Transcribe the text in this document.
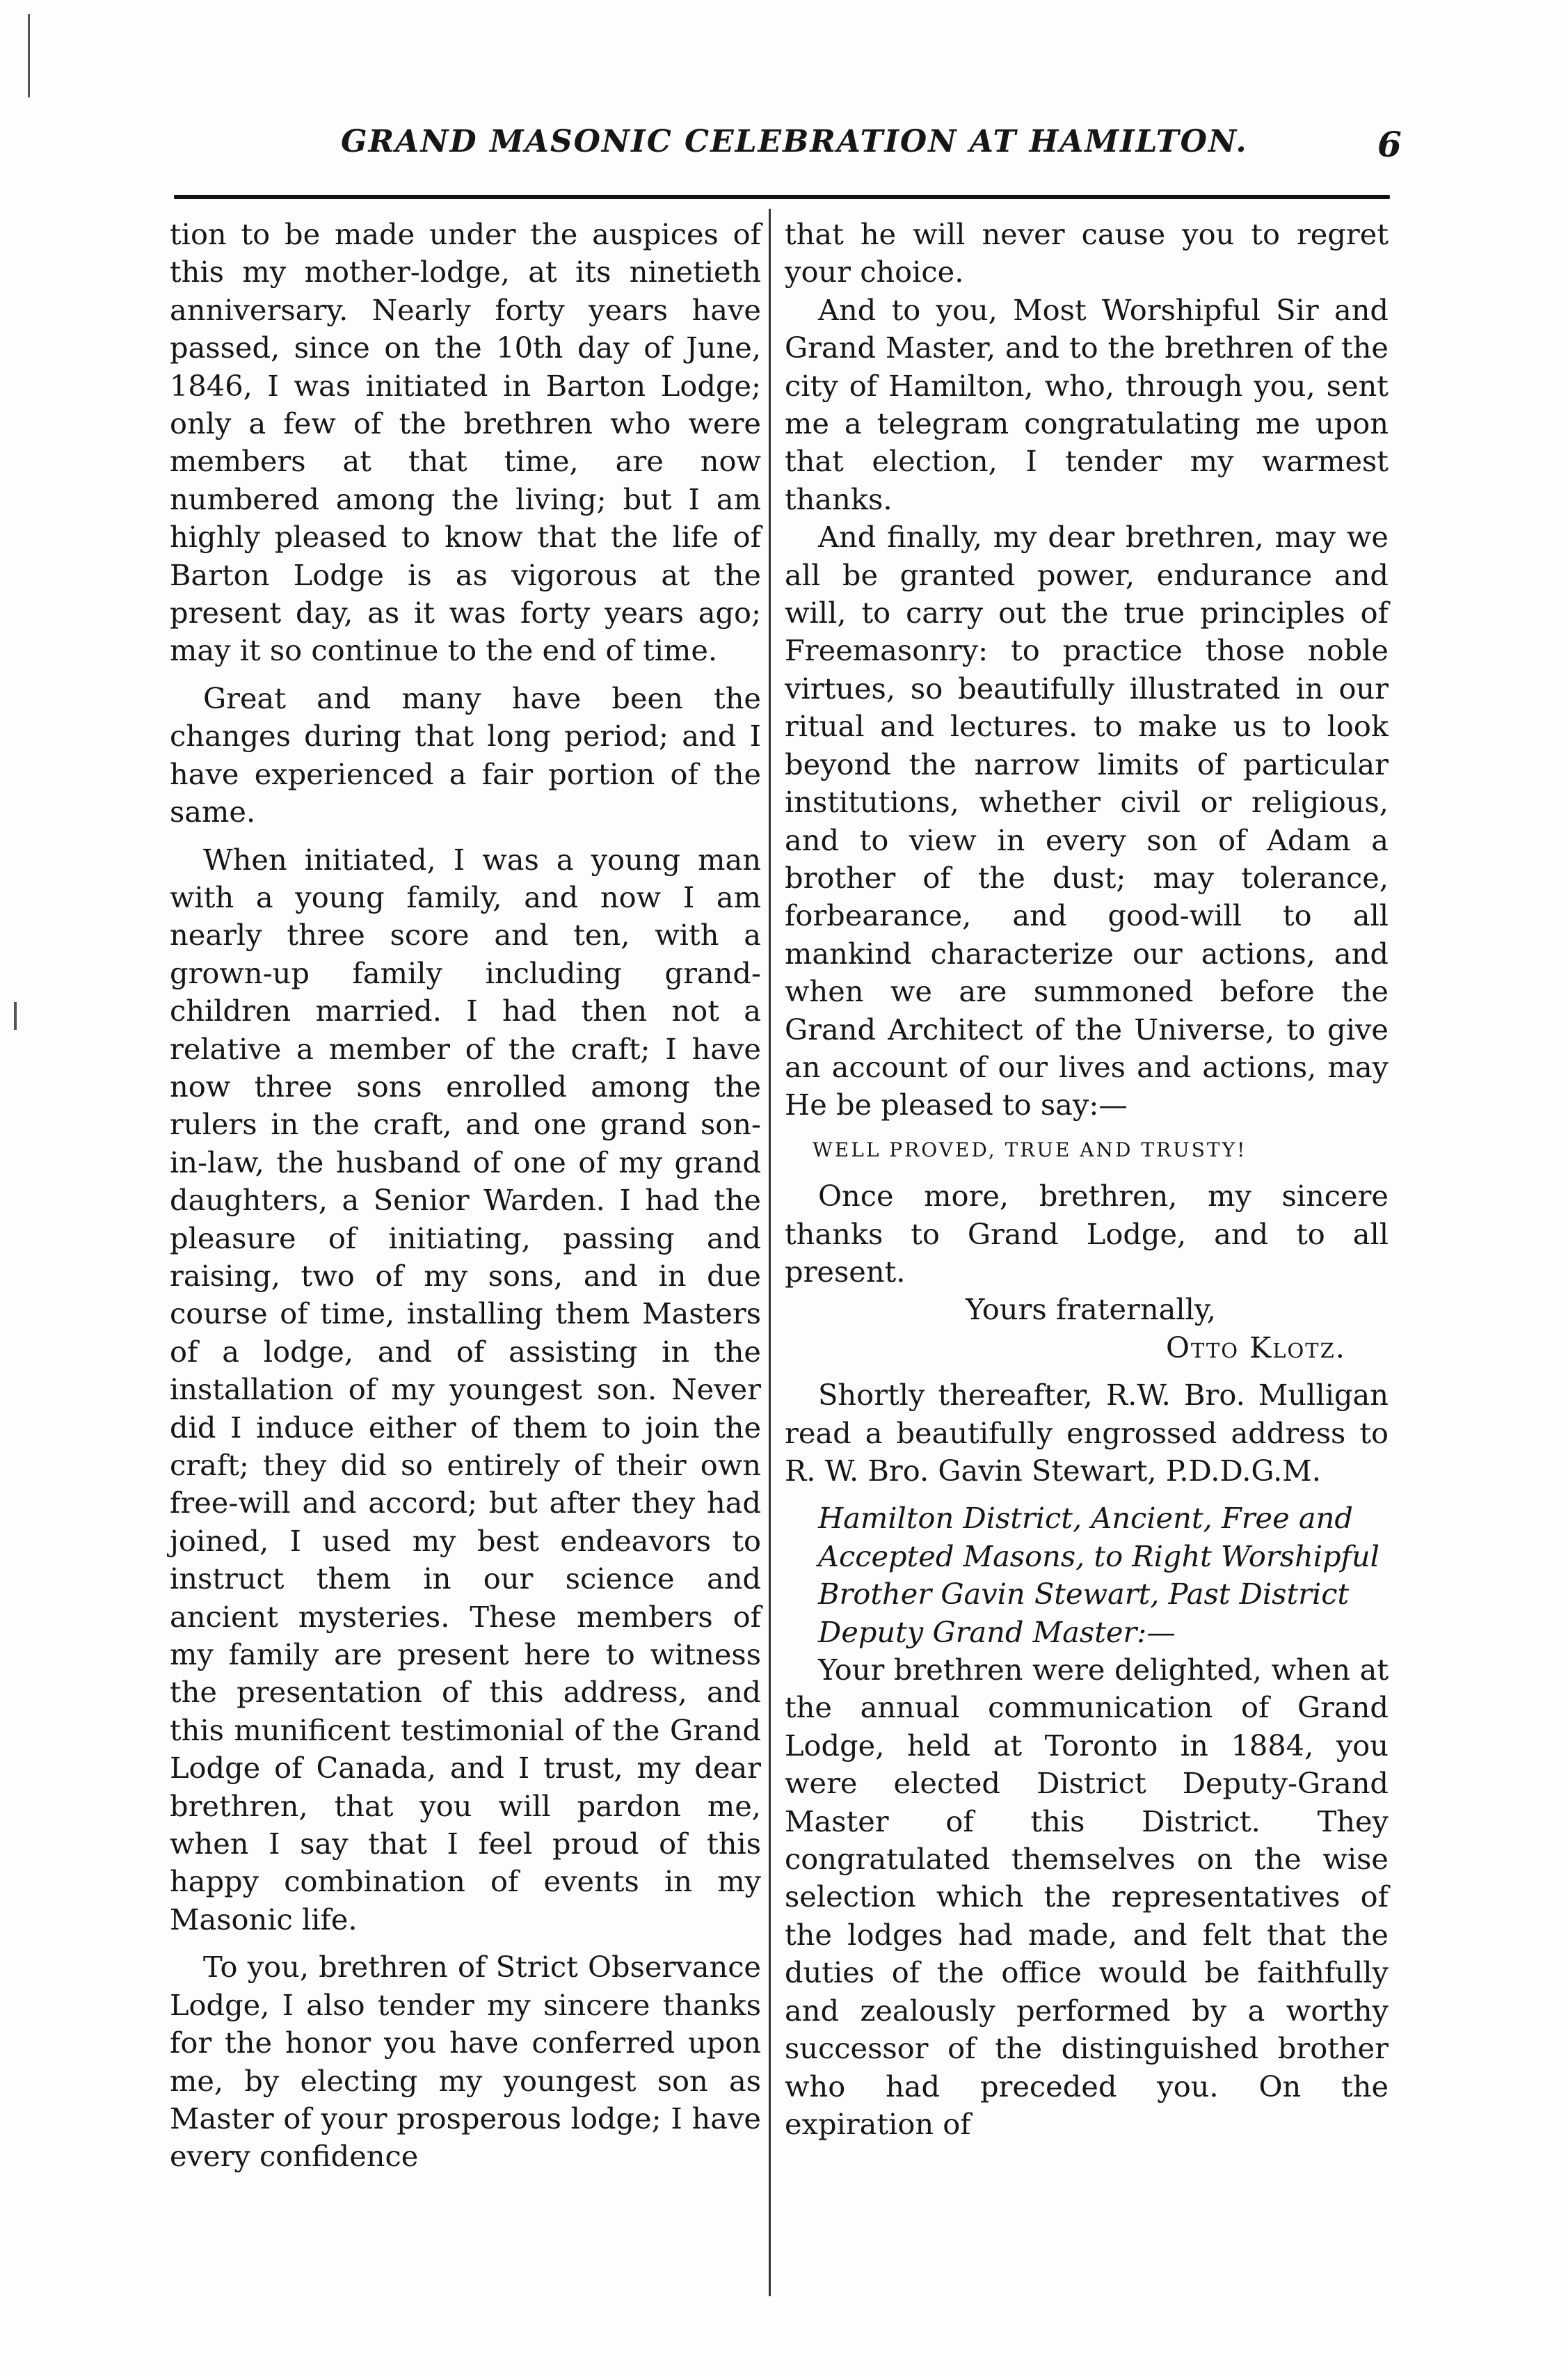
GRAND MASONIC CELEBRATION AT HAMILTON.	6

tion to be made under the auspices of this my mother-lodge, at its ninetieth anniversary. Nearly forty years have passed, since on the 10th day of June, 1846, I was initiated in Barton Lodge; only a few of the brethren who were members at that time, are now numbered among the living; but I am highly pleased to know that the life of Barton Lodge is as vigorous at the present day, as it was forty years ago; may it so continue to the end of time.

Great and many have been the changes during that long period; and I have experienced a fair portion of the same.

When initiated, I was a young man with a young family, and now I am nearly three score and ten, with a grown-up family including grand-children married. I had then not a relative a member of the craft; I have now three sons enrolled among the rulers in the craft, and one grand son-in-law, the husband of one of my grand daughters, a Senior Warden. I had the pleasure of initiating, passing and raising, two of my sons, and in due course of time, installing them Masters of a lodge, and of assisting in the installation of my youngest son. Never did I induce either of them to join the craft; they did so entirely of their own free-will and accord; but after they had joined, I used my best endeavors to instruct them in our science and ancient mysteries. These members of my family are present here to witness the presentation of this address, and this munificent testimonial of the Grand Lodge of Canada, and I trust, my dear brethren, that you will pardon me, when I say that I feel proud of this happy combination of events in my Masonic life.

To you, brethren of Strict Observance Lodge, I also tender my sincere thanks for the honor you have conferred upon me, by electing my youngest son as Master of your prosperous lodge; I have every confidence

that he will never cause you to regret your choice.

And to you, Most Worshipful Sir and Grand Master, and to the brethren of the city of Hamilton, who, through you, sent me a telegram congratulating me upon that election, I tender my warmest thanks.

And finally, my dear brethren, may we all be granted power, endurance and will, to carry out the true principles of Freemasonry: to practice those noble virtues, so beautifully illustrated in our ritual and lectures. to make us to look beyond the narrow limits of particular institutions, whether civil or religious, and to view in every son of Adam a brother of the dust; may tolerance, forbearance, and good-will to all mankind characterize our actions, and when we are summoned before the Grand Architect of the Universe, to give an account of our lives and actions, may He be pleased to say:—

WELL PROVED, TRUE AND TRUSTY!

Once more, brethren, my sincere thanks to Grand Lodge, and to all present.

Yours fraternally,
Otto Klotz.

Shortly thereafter, R.W. Bro. Mulligan read a beautifully engrossed address to R. W. Bro. Gavin Stewart, P.D.D.G.M.

Hamilton District, Ancient, Free and Accepted Masons, to Right Worshipful Brother Gavin Stewart, Past District Deputy Grand Master:—

Your brethren were delighted, when at the annual communication of Grand Lodge, held at Toronto in 1884, you were elected District Deputy-Grand Master of this District. They congratulated themselves on the wise selection which the representatives of the lodges had made, and felt that the duties of the office would be faithfully and zealously performed by a worthy successor of the distinguished brother who had preceded you. On the expiration of
